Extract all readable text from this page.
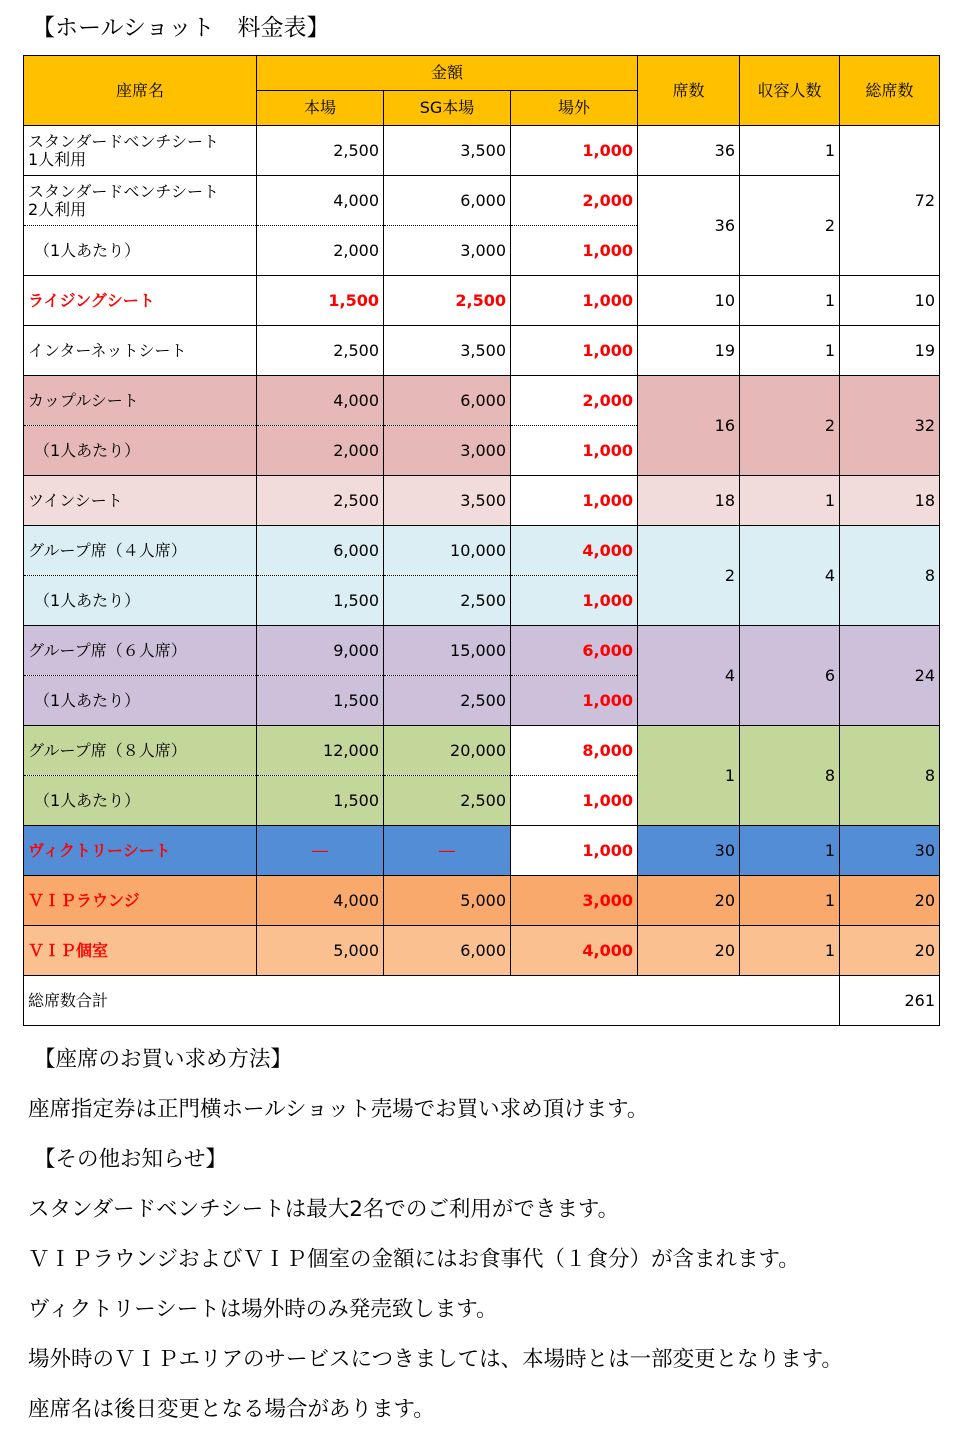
【ホールショット　料金表】
座席名	金額			席数	収容人数	総席数
	本場	SG本場	場外			
スタンダードベンチシート
1人利用	2,500	3,500	1,000	36	1	72
スタンダードベンチシート
2人利用	4,000	6,000	2,000	36	2	
（1人あたり）	2,000	3,000	1,000			
ライジングシート	1,500	2,500	1,000	10	1	10
インターネットシート	2,500	3,500	1,000	19	1	19
カップルシート	4,000	6,000	2,000	16	2	32
（1人あたり）	2,000	3,000	1,000			
ツインシート	2,500	3,500	1,000	18	1	18
グループ席（４人席）	6,000	10,000	4,000	2	4	8
（1人あたり）	1,500	2,500	1,000			
グループ席（６人席）	9,000	15,000	6,000	4	6	24
（1人あたり）	1,500	2,500	1,000			
グループ席（８人席）	12,000	20,000	8,000	1	8	8
（1人あたり）	1,500	2,500	1,000			
ヴィクトリーシート	―	―	1,000	30	1	30
ＶＩＰラウンジ	4,000	5,000	3,000	20	1	20
ＶＩＰ個室	5,000	6,000	4,000	20	1	20
総席数合計						261
【座席のお買い求め方法】
座席指定券は正門横ホールショット売場でお買い求め頂けます。
【その他お知らせ】
スタンダードベンチシートは最大2名でのご利用ができます。
ＶＩＰラウンジおよびＶＩＰ個室の金額にはお食事代（１食分）が含まれます。
ヴィクトリーシートは場外時のみ発売致します。
場外時のＶＩＰエリアのサービスにつきましては、本場時とは一部変更となります。
座席名は後日変更となる場合があります。
